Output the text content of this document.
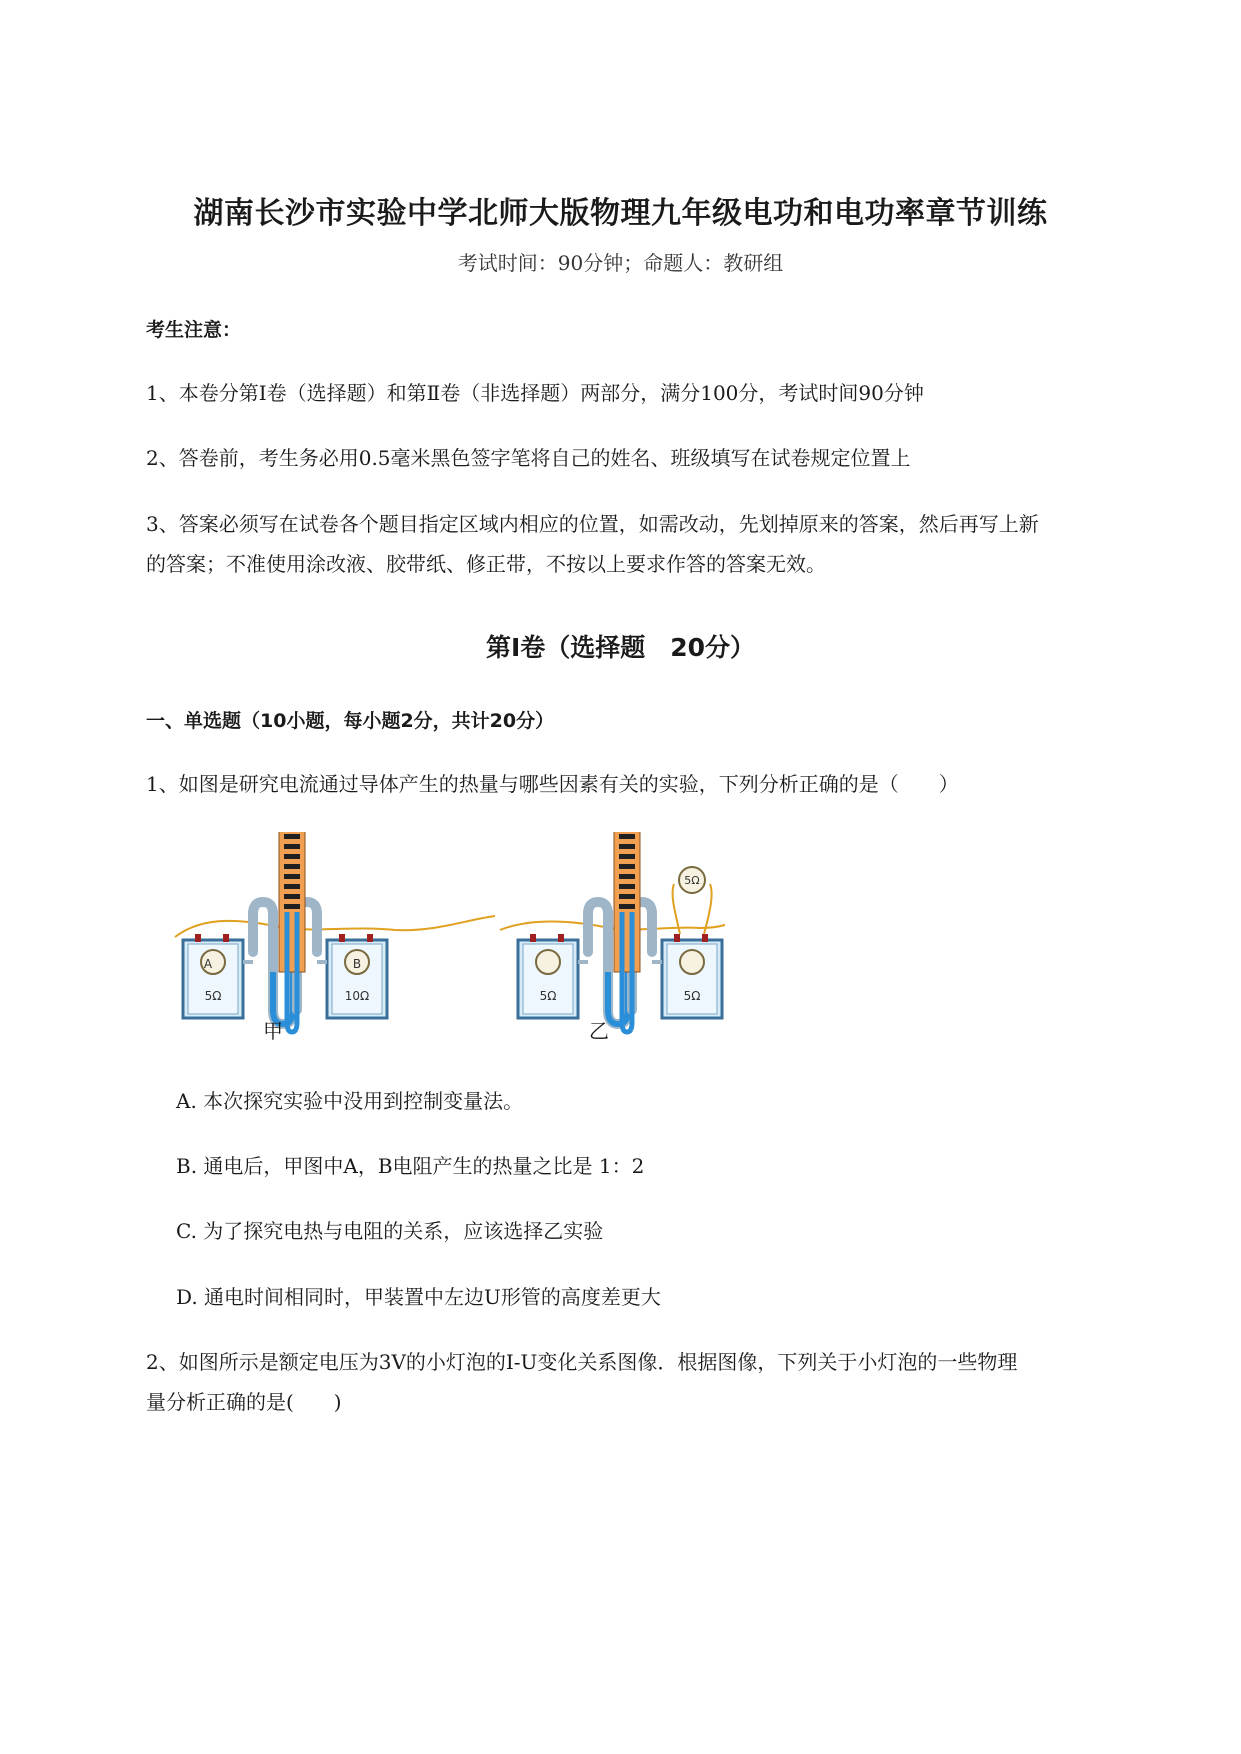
湖南长沙市实验中学北师大版物理九年级电功和电功率章节训练
考试时间：90分钟；命题人：教研组
考生注意：
1、本卷分第I卷（选择题）和第Ⅱ卷（非选择题）两部分，满分100分，考试时间90分钟
2、答卷前，考生务必用0.5毫米黑色签字笔将自己的姓名、班级填写在试卷规定位置上
3、答案必须写在试卷各个题目指定区域内相应的位置，如需改动，先划掉原来的答案，然后再写上新
的答案；不准使用涂改液、胶带纸、修正带，不按以上要求作答的答案无效。
第I卷（选择题　20分）
一、单选题（10小题，每小题2分，共计20分）
1、如图是研究电流通过导体产生的热量与哪些因素有关的实验，下列分析正确的是（　　）
A	B
5Ω	10Ω	5Ω	5Ω
5Ω
甲	乙
A. 本次探究实验中没用到控制变量法。
B. 通电后，甲图中A，B电阻产生的热量之比是 1：2
C. 为了探究电热与电阻的关系，应该选择乙实验
D. 通电时间相同时，甲装置中左边U形管的高度差更大
2、如图所示是额定电压为3V的小灯泡的I-U变化关系图像．根据图像，下列关于小灯泡的一些物理
量分析正确的是(　　)
